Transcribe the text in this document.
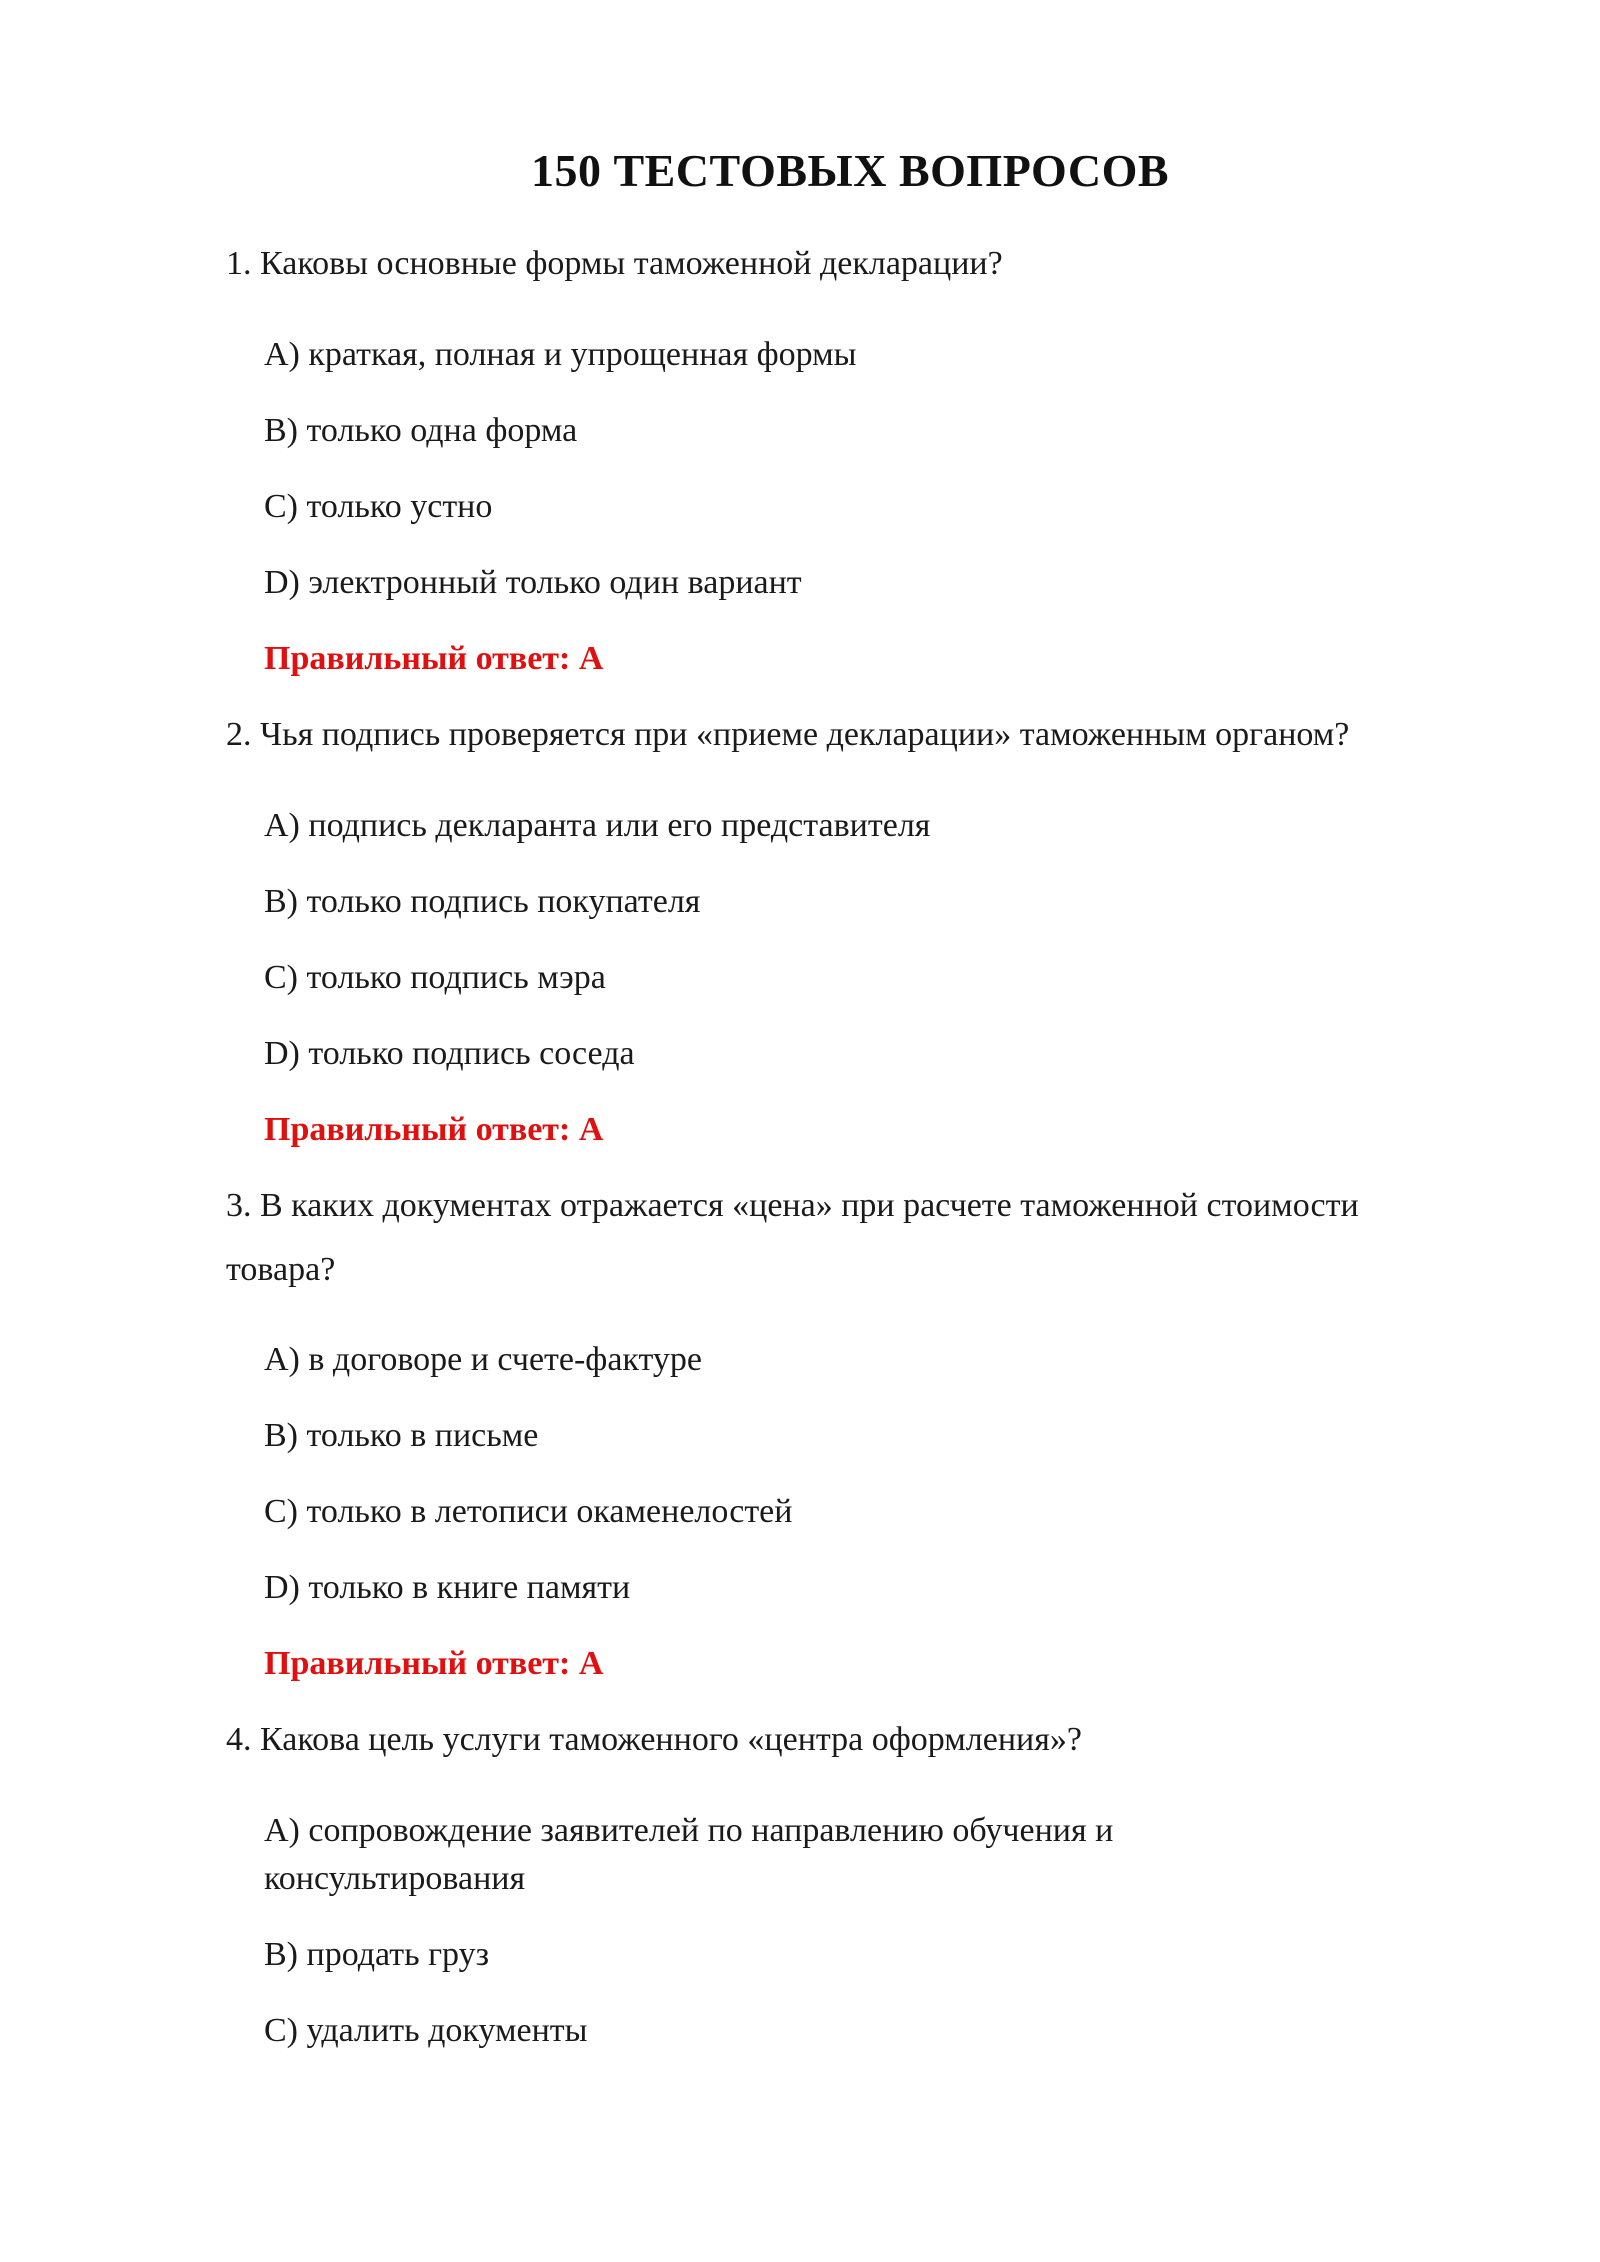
150 ТЕСТОВЫХ ВОПРОСОВ
1. Каковы основные формы таможенной декларации?
A) краткая, полная и упрощенная формы
B) только одна форма
C) только устно
D) электронный только один вариант
Правильный ответ: A
2. Чья подпись проверяется при «приеме декларации» таможенным органом?
A) подпись декларанта или его представителя
B) только подпись покупателя
C) только подпись мэра
D) только подпись соседа
Правильный ответ: A
3. В каких документах отражается «цена» при расчете таможенной стоимости
товара?
A) в договоре и счете-фактуре
B) только в письме
C) только в летописи окаменелостей
D) только в книге памяти
Правильный ответ: A
4. Какова цель услуги таможенного «центра оформления»?
A) сопровождение заявителей по направлению обучения и консультирования
B) продать груз
C) удалить документы
